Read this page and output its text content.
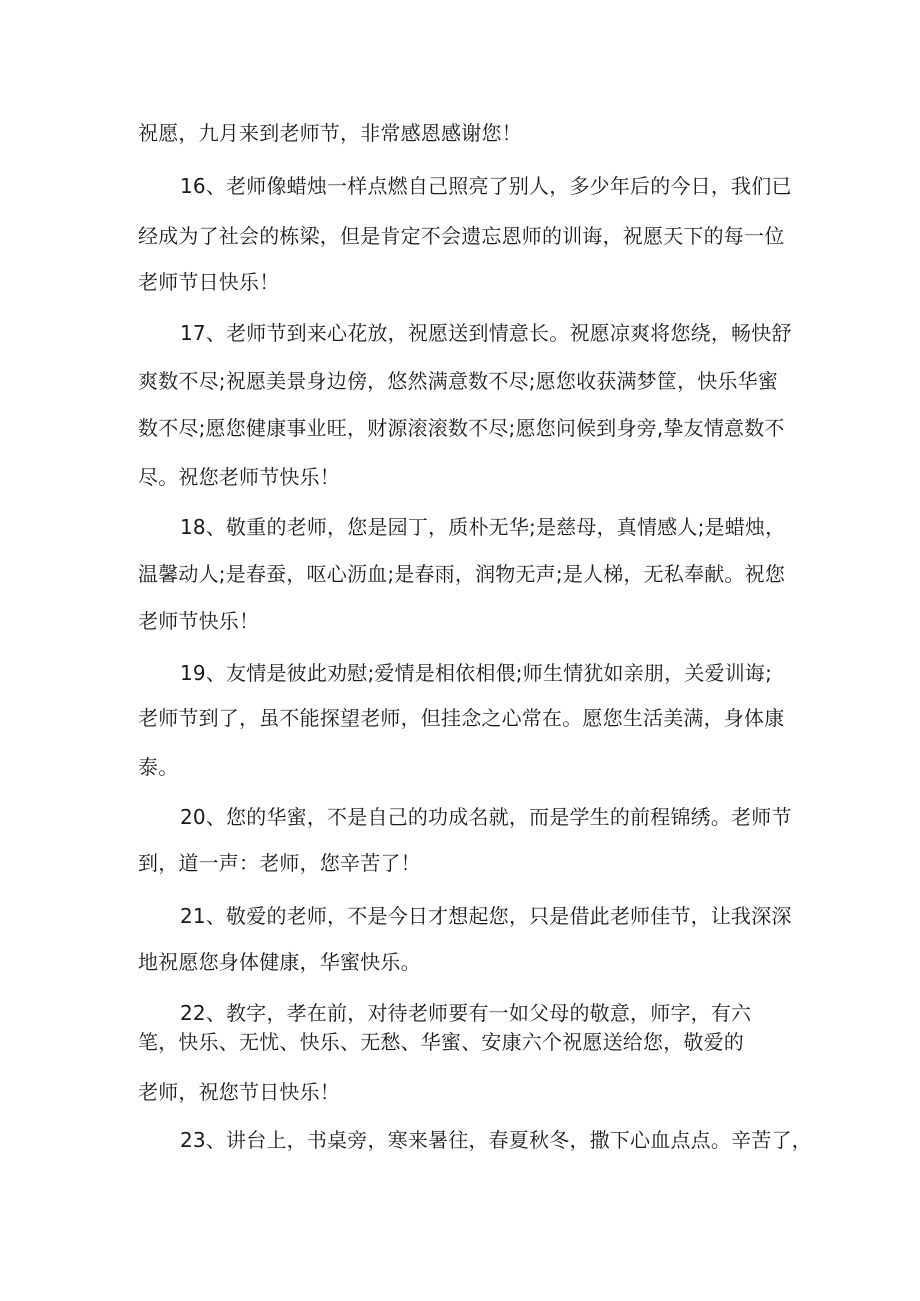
祝愿，九月来到老师节，非常感恩感谢您！
16、老师像蜡烛一样点燃自己照亮了别人，多少年后的今日，我们已
经成为了社会的栋梁，但是肯定不会遗忘恩师的训诲，祝愿天下的每一位
老师节日快乐！
17、老师节到来心花放，祝愿送到情意长。祝愿凉爽将您绕，畅快舒
爽数不尽;祝愿美景身边傍，悠然满意数不尽;愿您收获满梦筐，快乐华蜜
数不尽;愿您健康事业旺，财源滚滚数不尽;愿您问候到身旁,挚友情意数不
尽。祝您老师节快乐！
18、敬重的老师，您是园丁，质朴无华;是慈母，真情感人;是蜡烛，
温馨动人;是春蚕，呕心沥血;是春雨，润物无声;是人梯，无私奉献。祝您
老师节快乐！
19、友情是彼此劝慰;爱情是相依相偎;师生情犹如亲朋，关爱训诲;
老师节到了，虽不能探望老师，但挂念之心常在。愿您生活美满，身体康
泰。
20、您的华蜜，不是自己的功成名就，而是学生的前程锦绣。老师节
到，道一声：老师，您辛苦了！
21、敬爱的老师，不是今日才想起您，只是借此老师佳节，让我深深
地祝愿您身体健康，华蜜快乐。
22、教字，孝在前，对待老师要有一如父母的敬意，师字，有六
笔，快乐、无忧、快乐、无愁、华蜜、安康六个祝愿送给您，敬爱的
老师，祝您节日快乐！
23、讲台上，书桌旁，寒来暑往，春夏秋冬，撒下心血点点。辛苦了，
